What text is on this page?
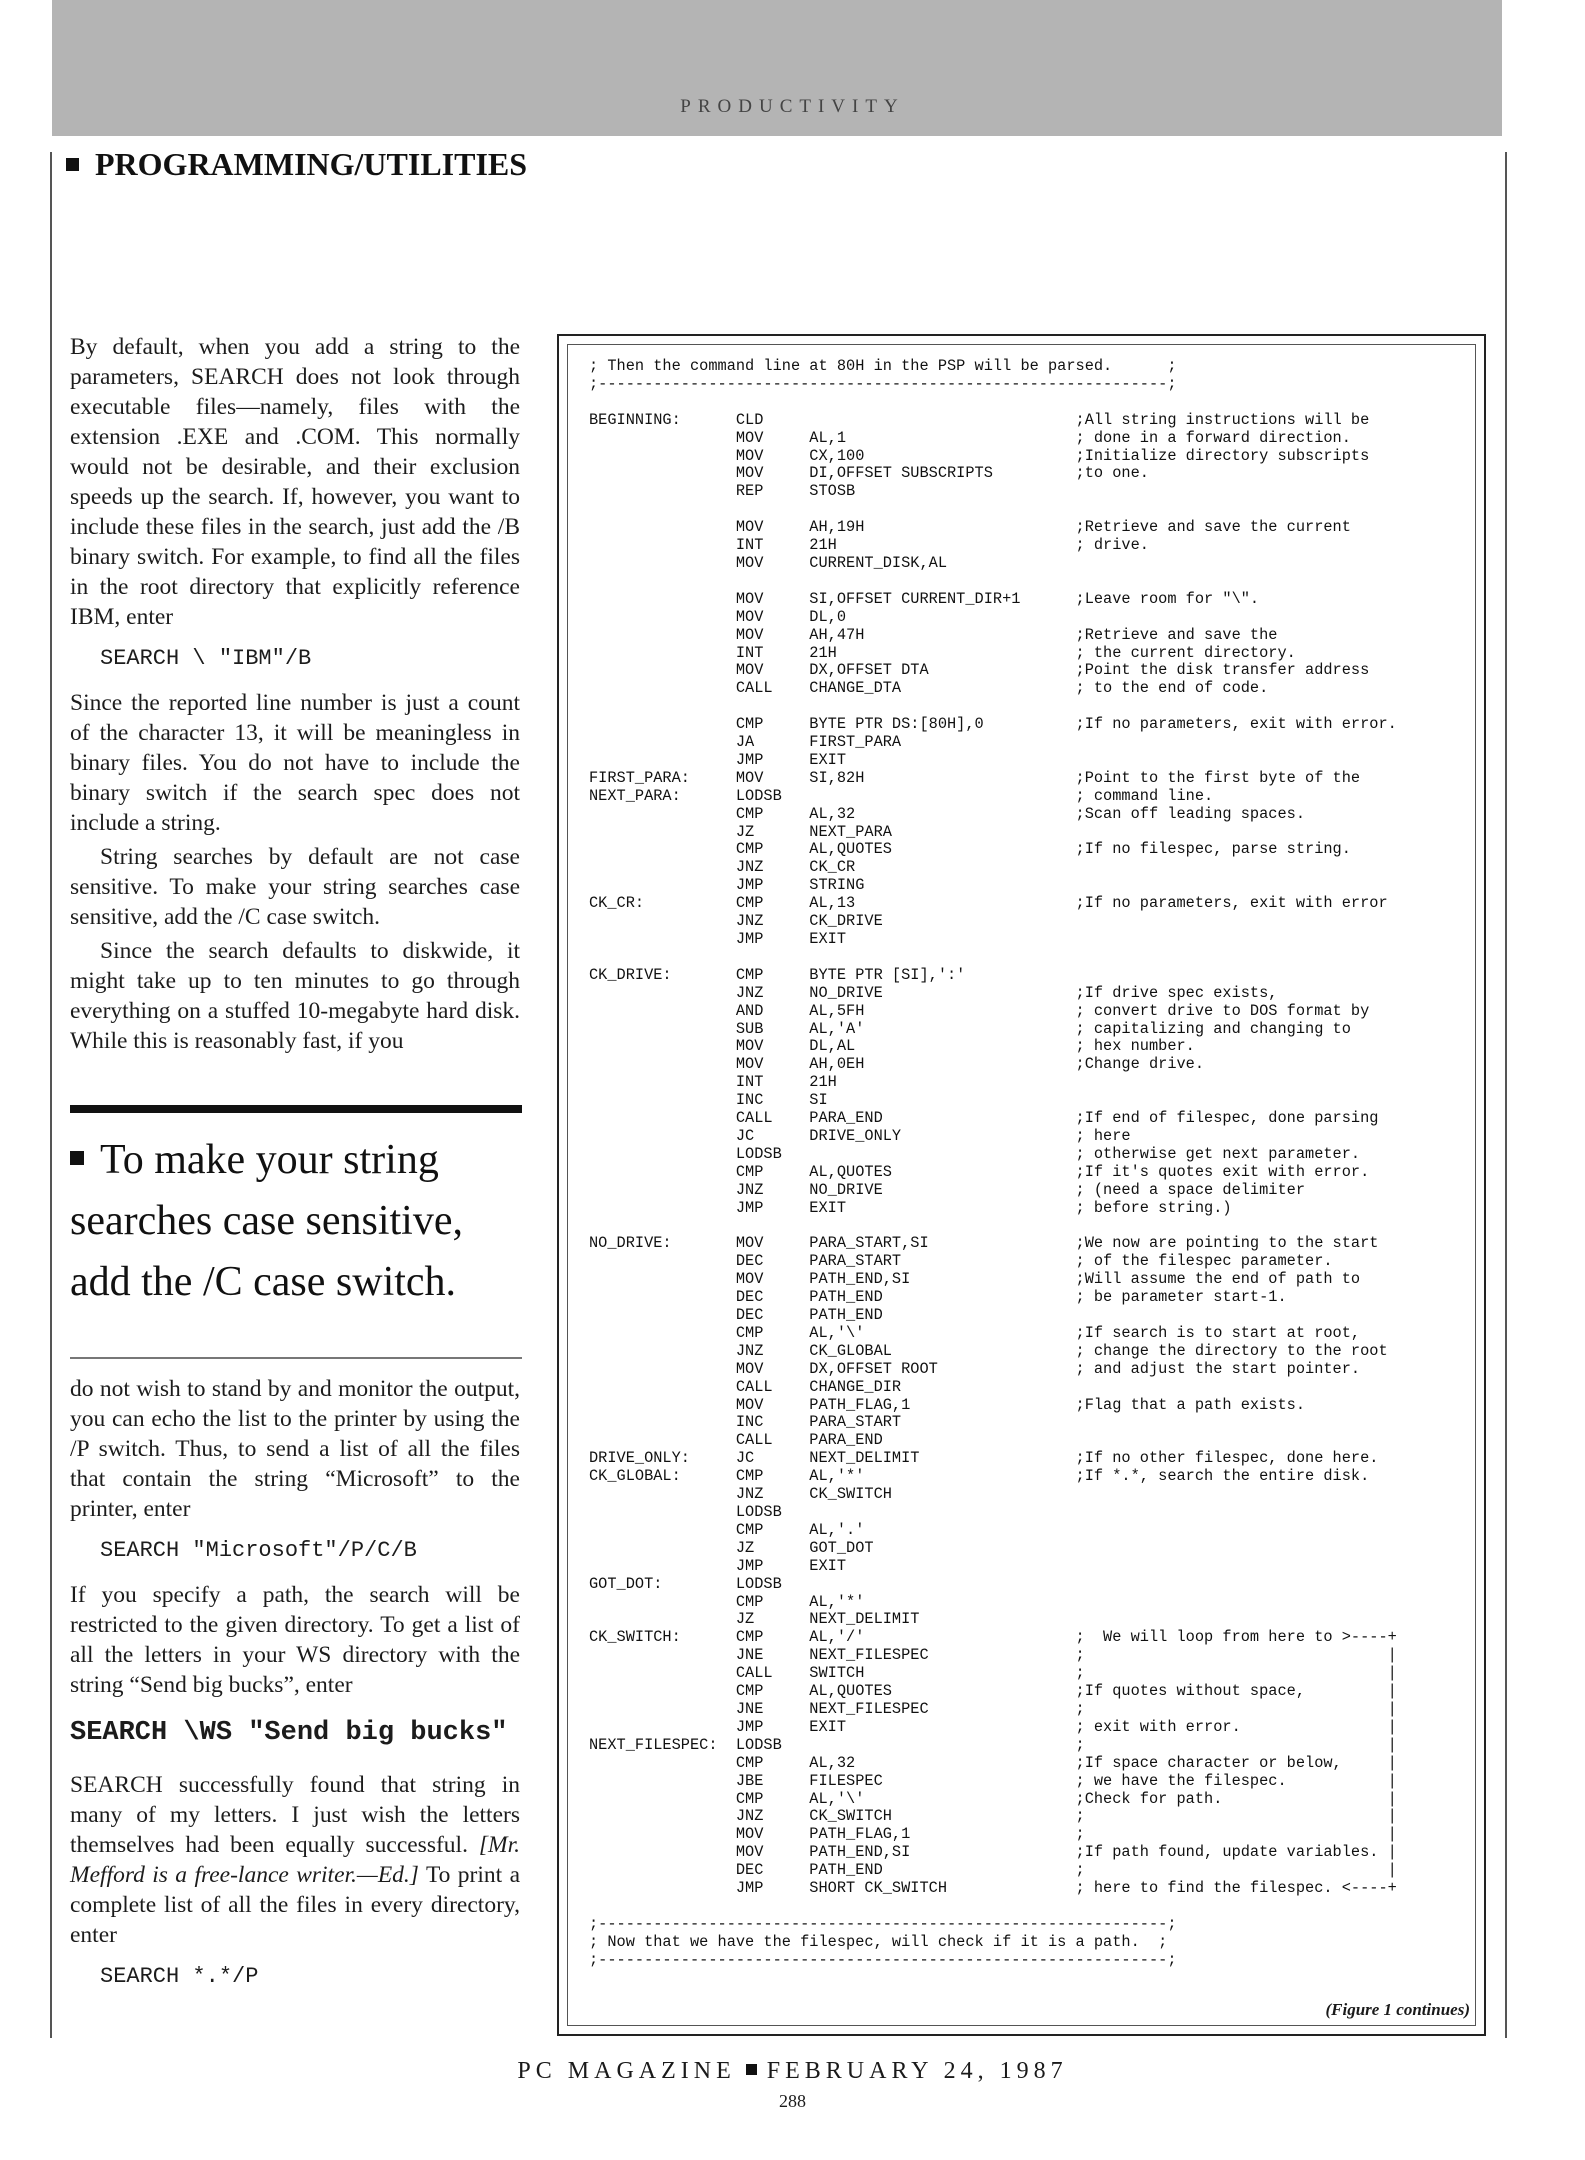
PRODUCTIVITY
PROGRAMMING/UTILITIES

By default, when you add a string to the parameters, SEARCH does not look through executable files—namely, files with the extension .EXE and .COM. This normally would not be desirable, and their exclusion speeds up the search. If, however, you want to include these files in the search, just add the /B binary switch. For example, to find all the files in the root directory that explicitly reference IBM, enter

SEARCH \ "IBM"/B

Since the reported line number is just a count of the character 13, it will be meaningless in binary files. You do not have to include the binary switch if the search spec does not include a string.

String searches by default are not case sensitive. To make your string searches case sensitive, add the /C case switch.

Since the search defaults to diskwide, it might take up to ten minutes to go through everything on a stuffed 10-megabyte hard disk. While this is reasonably fast, if you

To make your string searches case sensitive, add the /C case switch.

do not wish to stand by and monitor the output, you can echo the list to the printer by using the /P switch. Thus, to send a list of all the files that contain the string “Microsoft” to the printer, enter

SEARCH "Microsoft"/P/C/B

If you specify a path, the search will be restricted to the given directory. To get a list of all the letters in your WS directory with the string “Send big bucks”, enter

SEARCH \WS "Send big bucks"

SEARCH successfully found that string in many of my letters. I just wish the letters themselves had been equally successful. [Mr. Mefford is a free-lance writer.—Ed.] To print a complete list of all the files in every directory, enter

SEARCH *.*/P
; Then the command line at 80H in the PSP will be parsed.      ;
;--------------------------------------------------------------;

BEGINNING:      CLD                                  ;All string instructions will be
MOV     AL,1                         ; done in a forward direction.
MOV     CX,100                       ;Initialize directory subscripts
MOV     DI,OFFSET SUBSCRIPTS         ;to one.
REP     STOSB

MOV     AH,19H                       ;Retrieve and save the current
INT     21H                          ; drive.
MOV     CURRENT_DISK,AL

MOV     SI,OFFSET CURRENT_DIR+1      ;Leave room for "\".
MOV     DL,0
MOV     AH,47H                       ;Retrieve and save the
INT     21H                          ; the current directory.
MOV     DX,OFFSET DTA                ;Point the disk transfer address
CALL    CHANGE_DTA                   ; to the end of code.

CMP     BYTE PTR DS:[80H],0          ;If no parameters, exit with error.
JA      FIRST_PARA
JMP     EXIT
FIRST_PARA:     MOV     SI,82H                       ;Point to the first byte of the
NEXT_PARA:      LODSB                                ; command line.
CMP     AL,32                        ;Scan off leading spaces.
JZ      NEXT_PARA
CMP     AL,QUOTES                    ;If no filespec, parse string.
JNZ     CK_CR
JMP     STRING
CK_CR:          CMP     AL,13                        ;If no parameters, exit with error
JNZ     CK_DRIVE
JMP     EXIT

CK_DRIVE:       CMP     BYTE PTR [SI],':'
JNZ     NO_DRIVE                     ;If drive spec exists,
AND     AL,5FH                       ; convert drive to DOS format by
SUB     AL,'A'                       ; capitalizing and changing to
MOV     DL,AL                        ; hex number.
MOV     AH,0EH                       ;Change drive.
INT     21H
INC     SI
CALL    PARA_END                     ;If end of filespec, done parsing
JC      DRIVE_ONLY                   ; here
LODSB                                ; otherwise get next parameter.
CMP     AL,QUOTES                    ;If it's quotes exit with error.
JNZ     NO_DRIVE                     ; (need a space delimiter
JMP     EXIT                         ; before string.)

NO_DRIVE:       MOV     PARA_START,SI                ;We now are pointing to the start
DEC     PARA_START                   ; of the filespec parameter.
MOV     PATH_END,SI                  ;Will assume the end of path to
DEC     PATH_END                     ; be parameter start-1.
DEC     PATH_END
CMP     AL,'\'                       ;If search is to start at root,
JNZ     CK_GLOBAL                    ; change the directory to the root
MOV     DX,OFFSET ROOT               ; and adjust the start pointer.
CALL    CHANGE_DIR
MOV     PATH_FLAG,1                  ;Flag that a path exists.
INC     PARA_START
CALL    PARA_END
DRIVE_ONLY:     JC      NEXT_DELIMIT                 ;If no other filespec, done here.
CK_GLOBAL:      CMP     AL,'*'                       ;If *.*, search the entire disk.
JNZ     CK_SWITCH
LODSB
CMP     AL,'.'
JZ      GOT_DOT
JMP     EXIT
GOT_DOT:        LODSB
CMP     AL,'*'
JZ      NEXT_DELIMIT
CK_SWITCH:      CMP     AL,'/'                       ;  We will loop from here to >----+
JNE     NEXT_FILESPEC                ;                                 |
CALL    SWITCH                       ;                                 |
CMP     AL,QUOTES                    ;If quotes without space,         |
JNE     NEXT_FILESPEC                ;                                 |
JMP     EXIT                         ; exit with error.                |
NEXT_FILESPEC:  LODSB                                ;                                 |
CMP     AL,32                        ;If space character or below,     |
JBE     FILESPEC                     ; we have the filespec.           |
CMP     AL,'\'                       ;Check for path.                  |
JNZ     CK_SWITCH                    ;                                 |
MOV     PATH_FLAG,1                  ;                                 |
MOV     PATH_END,SI                  ;If path found, update variables. |
DEC     PATH_END                     ;                                 |
JMP     SHORT CK_SWITCH              ; here to find the filespec. <----+

;--------------------------------------------------------------;
; Now that we have the filespec, will check if it is a path.  ;
;--------------------------------------------------------------;
(Figure 1 continues)
PC MAGAZINE FEBRUARY 24, 1987
288
